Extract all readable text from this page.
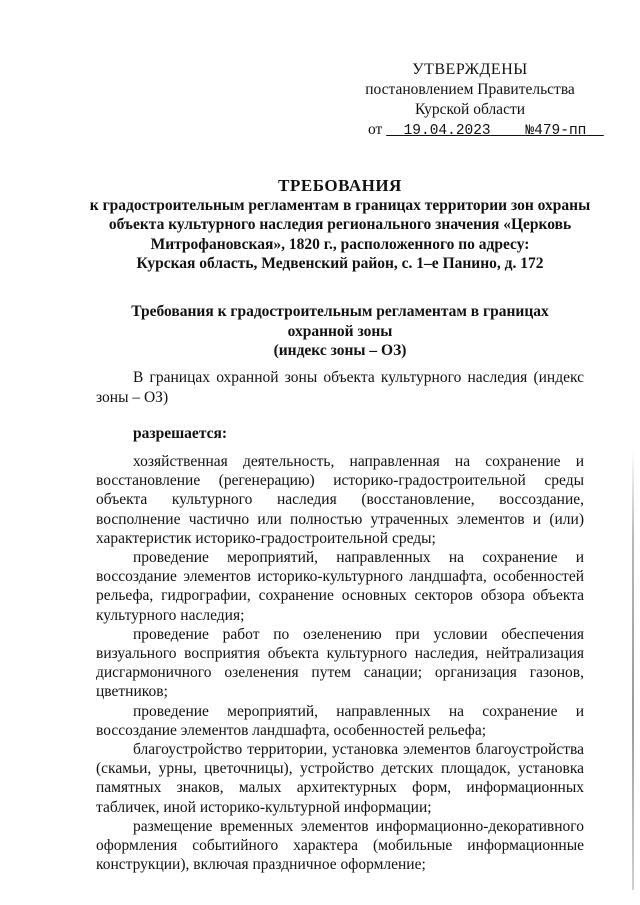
УТВЕРЖДЕНЫ
постановлением Правительства
Курской области
от 19.04.2023 №479-пп
ТРЕБОВАНИЯ
к градостроительным регламентам в границах территории зон охраны
объекта культурного наследия регионального значения «Церковь
Митрофановская», 1820 г., расположенного по адресу:
Курская область, Медвенский район, с. 1–е Панино, д. 172
Требования к градостроительным регламентам в границах
охранной зоны
(индекс зоны – ОЗ)
В границах охранной зоны объекта культурного наследия (индекс зоны – ОЗ)
разрешается:

хозяйственная деятельность, направленная на сохранение и восстановление (регенерацию) историко-градостроительной среды объекта культурного наследия (восстановление, воссоздание, восполнение частично или полностью утраченных элементов и (или) характеристик историко-градостроительной среды;

проведение мероприятий, направленных на сохранение и воссоздание элементов историко-культурного ландшафта, особенностей рельефа, гидрографии, сохранение основных секторов обзора объекта культурного наследия;

проведение работ по озеленению при условии обеспечения визуального восприятия объекта культурного наследия, нейтрализация дисгармоничного озеленения путем санации; организация газонов, цветников;

проведение мероприятий, направленных на сохранение и воссоздание элементов ландшафта, особенностей рельефа;

благоустройство территории, установка элементов благоустройства (скамьи, урны, цветочницы), устройство детских площадок, установка памятных знаков, малых архитектурных форм, информационных табличек, иной историко-культурной информации;

размещение временных элементов информационно-декоративного оформления событийного характера (мобильные информационные конструкции), включая праздничное оформление;
